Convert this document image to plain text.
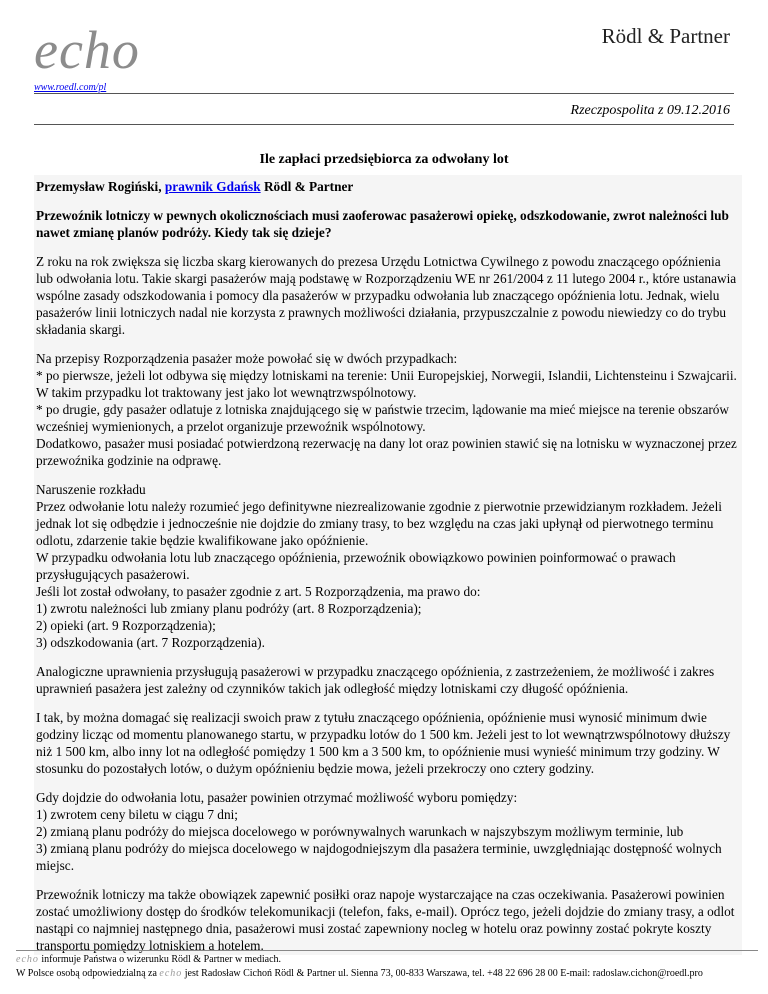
echo
www.roedl.com/pl
Rödl & Partner
Rzeczpospolita z 09.12.2016
Ile zapłaci przedsiębiorca za odwołany lot

Przemysław Rogiński, prawnik Gdańsk Rödl & Partner

Przewoźnik lotniczy w pewnych okolicznościach musi zaoferowac pasażerowi opiekę, odszkodowanie, zwrot należności lub nawet zmianę planów podróży. Kiedy tak się dzieje?

Z roku na rok zwiększa się liczba skarg kierowanych do prezesa Urzędu Lotnictwa Cywilnego z powodu znaczącego opóźnienia lub odwołania lotu. Takie skargi pasażerów mają podstawę w Rozporządzeniu WE nr 261/2004 z 11 lutego 2004 r., które ustanawia wspólne zasady odszkodowania i pomocy dla pasażerów w przypadku odwołania lub znaczącego opóźnienia lotu. Jednak, wielu pasażerów linii lotniczych nadal nie korzysta z prawnych możliwości działania, przypuszczalnie z powodu niewiedzy co do trybu składania skargi.

Na przepisy Rozporządzenia pasażer może powołać się w dwóch przypadkach:
* po pierwsze, jeżeli lot odbywa się między lotniskami na terenie: Unii Europejskiej, Norwegii, Islandii, Lichtensteinu i Szwajcarii. W takim przypadku lot traktowany jest jako lot wewnątrzwspólnotowy.
* po drugie, gdy pasażer odlatuje z lotniska znajdującego się w państwie trzecim, lądowanie ma mieć miejsce na terenie obszarów wcześniej wymienionych, a przelot organizuje przewoźnik wspólnotowy.
Dodatkowo, pasażer musi posiadać potwierdzoną rezerwację na dany lot oraz powinien stawić się na lotnisku w wyznaczonej przez przewoźnika godzinie na odprawę.

Naruszenie rozkładu
Przez odwołanie lotu należy rozumieć jego definitywne niezrealizowanie zgodnie z pierwotnie przewidzianym rozkładem. Jeżeli jednak lot się odbędzie i jednocześnie nie dojdzie do zmiany trasy, to bez względu na czas jaki upłynął od pierwotnego terminu odlotu, zdarzenie takie będzie kwalifikowane jako opóźnienie.
W przypadku odwołania lotu lub znaczącego opóźnienia, przewoźnik obowiązkowo powinien poinformować o prawach przysługujących pasażerowi.
Jeśli lot został odwołany, to pasażer zgodnie z art. 5 Rozporządzenia, ma prawo do:
1) zwrotu należności lub zmiany planu podróży (art. 8 Rozporządzenia);
2) opieki (art. 9 Rozporządzenia);
3) odszkodowania (art. 7 Rozporządzenia).

Analogiczne uprawnienia przysługują pasażerowi w przypadku znaczącego opóźnienia, z zastrzeżeniem, że możliwość i zakres uprawnień pasażera jest zależny od czynników takich jak odległość między lotniskami czy długość opóźnienia.

I tak, by można domagać się realizacji swoich praw z tytułu znaczącego opóźnienia, opóźnienie musi wynosić minimum dwie godziny licząc od momentu planowanego startu, w przypadku lotów do 1 500 km. Jeżeli jest to lot wewnątrzwspólnotowy dłuższy niż 1 500 km, albo inny lot na odległość pomiędzy 1 500 km a 3 500 km, to opóźnienie musi wynieść minimum trzy godziny. W stosunku do pozostałych lotów, o dużym opóźnieniu będzie mowa, jeżeli przekroczy ono cztery godziny.

Gdy dojdzie do odwołania lotu, pasażer powinien otrzymać możliwość wyboru pomiędzy:
1) zwrotem ceny biletu w ciągu 7 dni;
2) zmianą planu podróży do miejsca docelowego w porównywalnych warunkach w najszybszym możliwym terminie, lub
3) zmianą planu podróży do miejsca docelowego w najdogodniejszym dla pasażera terminie, uwzględniając dostępność wolnych miejsc.

Przewoźnik lotniczy ma także obowiązek zapewnić posiłki oraz napoje wystarczające na czas oczekiwania. Pasażerowi powinien zostać umożliwiony dostęp do środków telekomunikacji (telefon, faks, e-mail). Oprócz tego, jeżeli dojdzie do zmiany trasy, a odlot nastąpi co najmniej następnego dnia, pasażerowi musi zostać zapewniony nocleg w hotelu oraz powinny zostać pokryte koszty transportu pomiędzy lotniskiem a hotelem.

echo informuje Państwa o wizerunku Rödl & Partner w mediach.
W Polsce osobą odpowiedzialną za echo jest Radosław Cichoń Rödl & Partner ul. Sienna 73, 00-833 Warszawa, tel. +48 22 696 28 00 E-mail: radoslaw.cichon@roedl.pro
